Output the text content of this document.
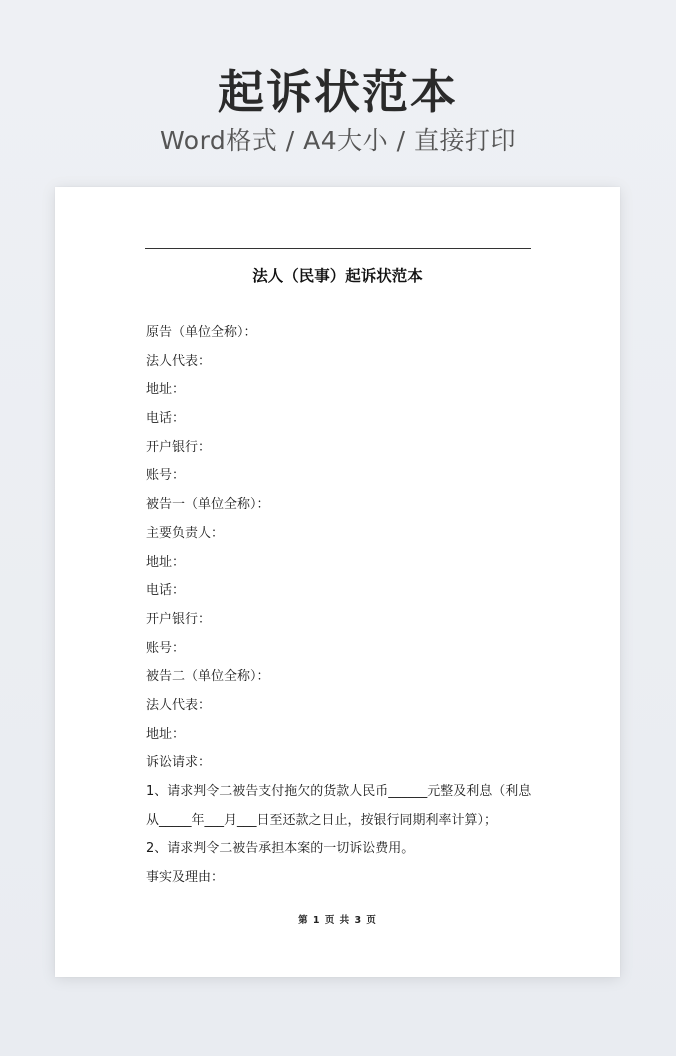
起诉状范本
Word格式 / A4大小 / 直接打印
法人（民事）起诉状范本
原告（单位全称）：
法人代表：
地址：
电话：
开户银行：
账号：
被告一（单位全称）：
主要负责人：
地址：
电话：
开户银行：
账号：
被告二（单位全称）：
法人代表：
地址：
诉讼请求：
1、请求判令二被告支付拖欠的货款人民币______元整及利息（利息
从_____年___月___日至还款之日止，按银行同期利率计算）；
2、请求判令二被告承担本案的一切诉讼费用。
事实及理由：
第 1 页 共 3 页
